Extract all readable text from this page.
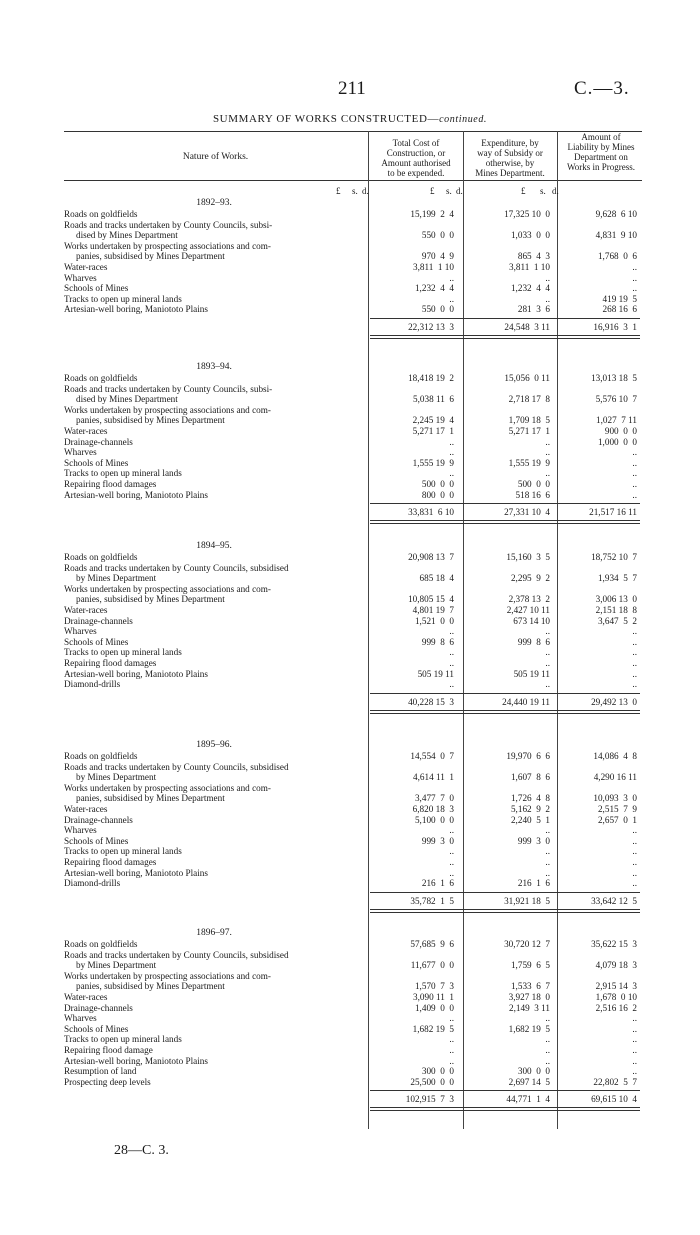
211	C.—3.
SUMMARY OF WORKS CONSTRUCTED—continued.
Nature of Works.
Total Cost of
Construction, or
Amount authorised
to be expended.
Expenditure, by
way of Subsidy or
otherwise, by
Mines Department.
Amount of
Liability by Mines
Department on
Works in Progress.
1892–93.
Roads on goldfields	15,199  2  4	17,325 10  0	9,628  6 10
Roads and tracks undertaken by County Councils, subsi-
dised by Mines Department	550  0  0	1,033  0  0	4,831  9 10
Works undertaken by prospecting associations and com-
panies, subsidised by Mines Department	970  4  9	865  4  3	1,768  0  6
Water-races	3,811  1 10	3,811  1 10	..
Wharves	..	..	..
Schools of Mines	1,232  4  4	1,232  4  4	..
Tracks to open up mineral lands	..	..	419 19  5
Artesian-well boring, Maniototo Plains	550  0  0	281  3  6	268 16  6
22,312 13  3	24,548  3 11	16,916  3  1
1893–94.
Roads on goldfields	18,418 19  2	15,056  0 11	13,013 18  5
Roads and tracks undertaken by County Councils, subsi-
dised by Mines Department	5,038 11  6	2,718 17  8	5,576 10  7
Works undertaken by prospecting associations and com-
panies, subsidised by Mines Department	2,245 19  4	1,709 18  5	1,027  7 11
Water-races	5,271 17  1	5,271 17  1	900  0  0
Drainage-channels	..	..	1,000  0  0
Wharves	..	..	..
Schools of Mines	1,555 19  9	1,555 19  9	..
Tracks to open up mineral lands	..	..	..
Repairing flood damages	500  0  0	500  0  0	..
Artesian-well boring, Maniototo Plains	800  0  0	518 16  6	..
33,831  6 10	27,331 10  4	21,517 16 11
1894–95.
Roads on goldfields	20,908 13  7	15,160  3  5	18,752 10  7
Roads and tracks undertaken by County Councils, subsidised
by Mines Department	685 18  4	2,295  9  2	1,934  5  7
Works undertaken by prospecting associations and com-
panies, subsidised by Mines Department	10,805 15  4	2,378 13  2	3,006 13  0
Water-races	4,801 19  7	2,427 10 11	2,151 18  8
Drainage-channels	1,521  0  0	673 14 10	3,647  5  2
Wharves	..	..	..
Schools of Mines	999  8  6	999  8  6	..
Tracks to open up mineral lands	..	..	..
Repairing flood damages	..	..	..
Artesian-well boring, Maniototo Plains	505 19 11	505 19 11	..
Diamond-drills	..	..	..
40,228 15  3	24,440 19 11	29,492 13  0
1895–96.
Roads on goldfields	14,554  0  7	19,970  6  6	14,086  4  8
Roads and tracks undertaken by County Councils, subsidised
by Mines Department	4,614 11  1	1,607  8  6	4,290 16 11
Works undertaken by prospecting associations and com-
panies, subsidised by Mines Department	3,477  7  0	1,726  4  8	10,093  3  0
Water-races	6,820 18  3	5,162  9  2	2,515  7  9
Drainage-channels	5,100  0  0	2,240  5  1	2,657  0  1
Wharves	..	..	..
Schools of Mines	999  3  0	999  3  0	..
Tracks to open up mineral lands	..	..	..
Repairing flood damages	..	..	..
Artesian-well boring, Maniototo Plains	..	..	..
Diamond-drills	216  1  6	216  1  6	..
35,782  1  5	31,921 18  5	33,642 12  5
1896–97.
Roads on goldfields	57,685  9  6	30,720 12  7	35,622 15  3
Roads and tracks undertaken by County Councils, subsidised
by Mines Department	11,677  0  0	1,759  6  5	4,079 18  3
Works undertaken by prospecting associations and com-
panies, subsidised by Mines Department	1,570  7  3	1,533  6  7	2,915 14  3
Water-races	3,090 11  1	3,927 18  0	1,678  0 10
Drainage-channels	1,409  0  0	2,149  3 11	2,516 16  2
Wharves	..	..	..
Schools of Mines	1,682 19  5	1,682 19  5	..
Tracks to open up mineral lands	..	..	..
Repairing flood damage	..	..	..
Artesian-well boring, Maniototo Plains	..	..	..
Resumption of land	300  0  0	300  0  0	..
Prospecting deep levels	25,500  0  0	2,697 14  5	22,802  5  7
102,915  7  3	44,771  1  4	69,615 10  4
£ s. d.	£ s. d.	£ s. d.
28—C. 3.
